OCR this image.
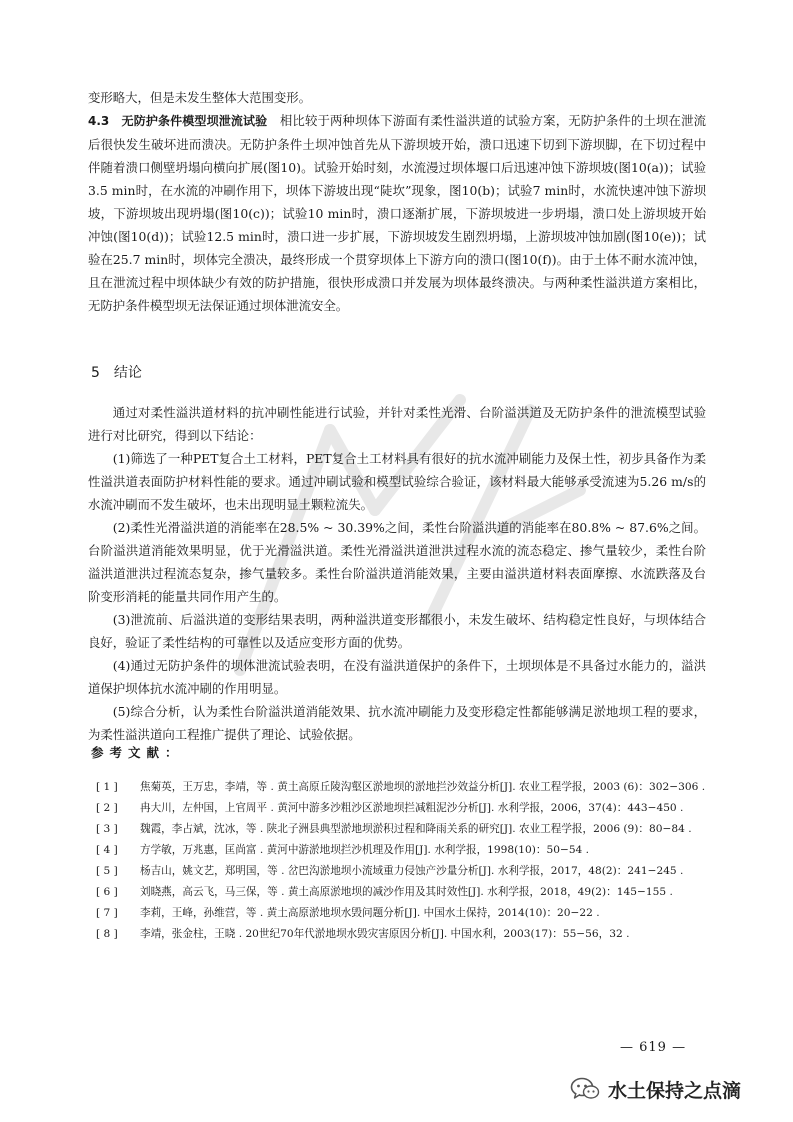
变形略大，但是未发生整体大范围变形。

4.3　无防护条件模型坝泄流试验　相比较于两种坝体下游面有柔性溢洪道的试验方案，无防护条件的土坝在泄流后很快发生破坏进而溃决。无防护条件土坝冲蚀首先从下游坝坡开始，溃口迅速下切到下游坝脚，在下切过程中伴随着溃口侧壁坍塌向横向扩展(图10)。试验开始时刻，水流漫过坝体堰口后迅速冲蚀下游坝坡(图10(a))；试验3.5 min时，在水流的冲刷作用下，坝体下游坡出现“陡坎”现象，图10(b)；试验7 min时，水流快速冲蚀下游坝坡，下游坝坡出现坍塌(图10(c))；试验10 min时，溃口逐渐扩展，下游坝坡进一步坍塌，溃口处上游坝坡开始冲蚀(图10(d))；试验12.5 min时，溃口进一步扩展，下游坝坡发生剧烈坍塌，上游坝坡冲蚀加剧(图10(e))；试验在25.7 min时，坝体完全溃决，最终形成一个贯穿坝体上下游方向的溃口(图10(f))。由于土体不耐水流冲蚀，且在泄流过程中坝体缺少有效的防护措施，很快形成溃口并发展为坝体最终溃决。与两种柔性溢洪道方案相比，无防护条件模型坝无法保证通过坝体泄流安全。

5 结论

通过对柔性溢洪道材料的抗冲刷性能进行试验，并针对柔性光滑、台阶溢洪道及无防护条件的泄流模型试验进行对比研究，得到以下结论：

(1)筛选了一种PET复合土工材料，PET复合土工材料具有很好的抗水流冲刷能力及保土性，初步具备作为柔性溢洪道表面防护材料性能的要求。通过冲刷试验和模型试验综合验证，该材料最大能够承受流速为5.26 m/s的水流冲刷而不发生破坏，也未出现明显土颗粒流失。

(2)柔性光滑溢洪道的消能率在28.5% ~ 30.39%之间，柔性台阶溢洪道的消能率在80.8% ~ 87.6%之间。台阶溢洪道消能效果明显，优于光滑溢洪道。柔性光滑溢洪道泄洪过程水流的流态稳定、掺气量较少，柔性台阶溢洪道泄洪过程流态复杂，掺气量较多。柔性台阶溢洪道消能效果，主要由溢洪道材料表面摩擦、水流跌落及台阶变形消耗的能量共同作用产生的。

(3)泄流前、后溢洪道的变形结果表明，两种溢洪道变形都很小，未发生破坏、结构稳定性良好，与坝体结合良好，验证了柔性结构的可靠性以及适应变形方面的优势。

(4)通过无防护条件的坝体泄流试验表明，在没有溢洪道保护的条件下，土坝坝体是不具备过水能力的，溢洪道保护坝体抗水流冲刷的作用明显。

(5)综合分析，认为柔性台阶溢洪道消能效果、抗水流冲刷能力及变形稳定性都能够满足淤地坝工程的要求，为柔性溢洪道向工程推广提供了理论、试验依据。

参考文献：
[ 1 ]	焦菊英，王万忠，李靖，等 . 黄土高原丘陵沟壑区淤地坝的淤地拦沙效益分析[J]. 农业工程学报，2003 (6)：302−306 .
[ 2 ]	冉大川，左仲国，上官周平 . 黄河中游多沙粗沙区淤地坝拦减粗泥沙分析[J]. 水利学报，2006，37(4)：443−450 .
[ 3 ]	魏霞，李占斌，沈冰，等 . 陕北子洲县典型淤地坝淤积过程和降雨关系的研究[J]. 农业工程学报，2006 (9)：80−84 .
[ 4 ]	方学敏，万兆惠，匡尚富 . 黄河中游淤地坝拦沙机理及作用[J]. 水利学报，1998(10)：50−54 .
[ 5 ]	杨吉山，姚文艺，郑明国，等 . 岔巴沟淤地坝小流域重力侵蚀产沙量分析[J]. 水利学报，2017，48(2)：241−245 .
[ 6 ]	刘晓燕，高云飞，马三保，等 . 黄土高原淤地坝的减沙作用及其时效性[J]. 水利学报，2018，49(2)：145−155 .
[ 7 ]	李莉，王峰，孙维营，等 . 黄土高原淤地坝水毁问题分析[J]. 中国水土保持，2014(10)：20−22 .
[ 8 ]	李靖，张金柱，王晓 . 20世纪70年代淤地坝水毁灾害原因分析[J]. 中国水利，2003(17)：55−56，32 .
— 619 —
水土保持之点滴
